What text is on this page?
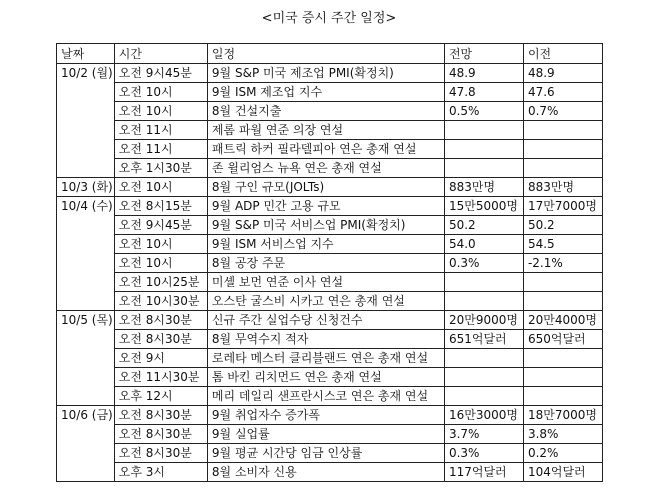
<미국 증시 주간 일정>
날짜	시간	일정	전망	이전
10/2 (월)	오전 9시45분	9월 S&P 미국 제조업 PMI(확정치)	48.9	48.9
	오전 10시	9월 ISM 제조업 지수	47.8	47.6
	오전 10시	8월 건설지출	0.5%	0.7%
	오전 11시	제롬 파월 연준 의장 연설		
	오전 11시	패트릭 하커 필라델피아 연은 총재 연설		
	오후 1시30분	존 윌리엄스 뉴욕 연은 총재 연설		
10/3 (화)	오전 10시	8월 구인 규모(JOLTs)	883만명	883만명
10/4 (수)	오전 8시15분	9월 ADP 민간 고용 규모	15만5000명	17만7000명
	오전 9시45분	9월 S&P 미국 서비스업 PMI(확정치)	50.2	50.2
	오전 10시	9월 ISM 서비스업 지수	54.0	54.5
	오전 10시	8월 공장 주문	0.3%	-2.1%
	오전 10시25분	미셸 보먼 연준 이사 연설		
	오전 10시30분	오스탄 굴스비 시카고 연은 총재 연설		
10/5 (목)	오전 8시30분	신규 주간 실업수당 신청건수	20만9000명	20만4000명
	오전 8시30분	8월 무역수지 적자	651억달러	650억달러
	오전 9시	로레타 메스터 클리블랜드 연은 총재 연설		
	오전 11시30분	톰 바킨 리치먼드 연은 총재 연설		
	오후 12시	메리 데일리 샌프란시스코 연은 총재 연설		
10/6 (금)	오전 8시30분	9월 취업자수 증가폭	16만3000명	18만7000명
	오전 8시30분	9월 실업률	3.7%	3.8%
	오전 8시30분	9월 평균 시간당 임금 인상률	0.3%	0.2%
	오후 3시	8월 소비자 신용	117억달러	104억달러
